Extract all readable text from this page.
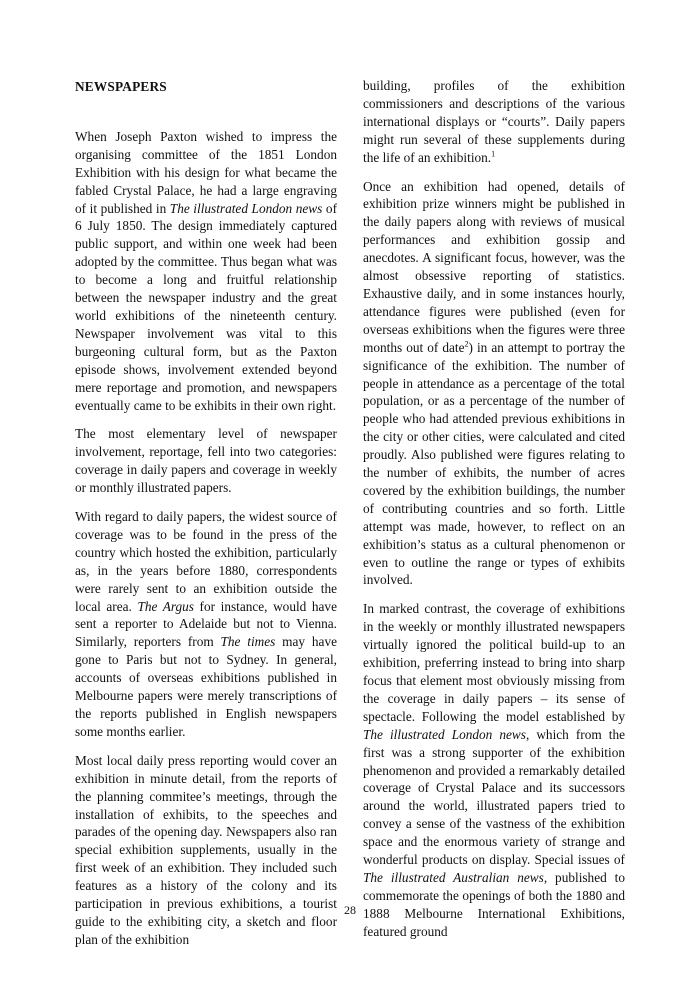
NEWSPAPERS

When Joseph Paxton wished to impress the organising committee of the 1851 London Exhibition with his design for what became the fabled Crystal Palace, he had a large engraving of it published in The illustrated London news of 6 July 1850. The design immediately captured public support, and within one week had been adopted by the committee. Thus began what was to become a long and fruitful relationship between the newspaper industry and the great world exhibitions of the nineteenth century. Newspaper involvement was vital to this burgeoning cultural form, but as the Paxton episode shows, involvement extended beyond mere reportage and promotion, and newspapers eventually came to be exhibits in their own right.

The most elementary level of newspaper involvement, reportage, fell into two categories: coverage in daily papers and coverage in weekly or monthly illustrated papers.

With regard to daily papers, the widest source of coverage was to be found in the press of the country which hosted the exhibition, particularly as, in the years before 1880, correspondents were rarely sent to an exhibition outside the local area. The Argus for instance, would have sent a reporter to Adelaide but not to Vienna. Similarly, reporters from The times may have gone to Paris but not to Sydney. In general, accounts of overseas exhibitions published in Melbourne papers were merely transcriptions of the reports published in English newspapers some months earlier.

Most local daily press reporting would cover an exhibition in minute detail, from the reports of the planning commitee’s meetings, through the installation of exhibits, to the speeches and parades of the opening day. Newspapers also ran special exhibition supplements, usually in the first week of an exhibition. They included such features as a history of the colony and its participation in previous exhibitions, a tourist guide to the exhibiting city, a sketch and floor plan of the exhibition

building, profiles of the exhibition commissioners and descriptions of the various international displays or “courts”. Daily papers might run several of these supplements during the life of an exhibition.$^1$

Once an exhibition had opened, details of exhibition prize winners might be published in the daily papers along with reviews of musical performances and exhibition gossip and anecdotes. A significant focus, however, was the almost obsessive reporting of statistics. Exhaustive daily, and in some instances hourly, attendance figures were published (even for overseas exhibitions when the figures were three months out of date$^2$) in an attempt to portray the significance of the exhibition. The number of people in attendance as a percentage of the total population, or as a percentage of the number of people who had attended previous exhibitions in the city or other cities, were calculated and cited proudly. Also published were figures relating to the number of exhibits, the number of acres covered by the exhibition buildings, the number of contributing countries and so forth. Little attempt was made, however, to reflect on an exhibition’s status as a cultural phenomenon or even to outline the range or types of exhibits involved.

In marked contrast, the coverage of exhibitions in the weekly or monthly illustrated newspapers virtually ignored the political build-up to an exhibition, preferring instead to bring into sharp focus that element most obviously missing from the coverage in daily papers – its sense of spectacle. Following the model established by The illustrated London news, which from the first was a strong supporter of the exhibition phenomenon and provided a remarkably detailed coverage of Crystal Palace and its successors around the world, illustrated papers tried to convey a sense of the vastness of the exhibition space and the enormous variety of strange and wonderful products on display. Special issues of The illustrated Australian news, published to commemorate the openings of both the 1880 and 1888 Melbourne International Exhibitions, featured ground

28
